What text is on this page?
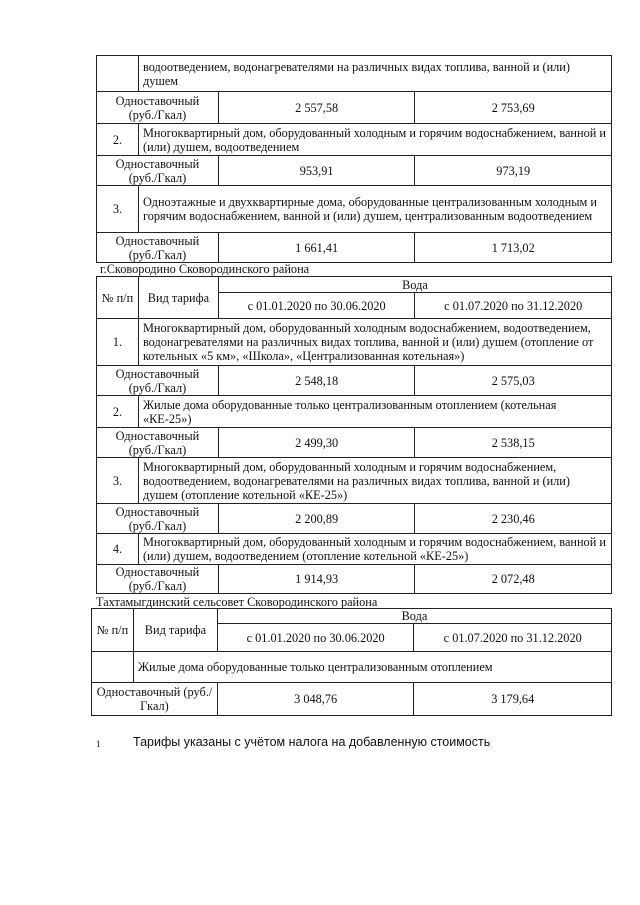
	водоотведением, водонагревателями на различных видах топлива, ванной и (или) душем		
Одноставочный (руб./Гкал)		2 557,58	2 753,69
2.	Многоквартирный дом, оборудованный холодным и горячим водоснабжением, ванной и (или) душем, водоотведением		
Одноставочный (руб./Гкал)		953,91	973,19
3.	Одноэтажные и двухквартирные дома, оборудованные централизованным холодным и горячим водоснабжением, ванной и (или) душем, централизованным водоотведением		
Одноставочный (руб./Гкал)		1 661,41	1 713,02
г.Сковородино Сковородинского района
№ п/п	Вид тарифа	Вода	
		с 01.01.2020 по 30.06.2020	с 01.07.2020 по 31.12.2020
1.	Многоквартирный дом, оборудованный холодным водоснабжением, водоотведением, водонагревателями на различных видах топлива, ванной и (или) душем (отопление от котельных «5 км», «Школа», «Централизованная котельная»)		
Одноставочный (руб./Гкал)		2 548,18	2 575,03
2.	Жилые дома оборудованные только централизованным отоплением (котельная «КЕ-25»)		
Одноставочный (руб./Гкал)		2 499,30	2 538,15
3.	Многоквартирный дом, оборудованный холодным и горячим водоснабжением, водоотведением, водонагревателями на различных видах топлива, ванной и (или) душем (отопление котельной «КЕ-25»)		
Одноставочный (руб./Гкал)		2 200,89	2 230,46
4.	Многоквартирный дом, оборудованный холодным и горячим водоснабжением, ванной и (или) душем, водоотведением (отопление котельной «КЕ-25»)		
Одноставочный (руб./Гкал)		1 914,93	2 072,48
Тахтамыгдинский сельсовет Сковородинского района
№ п/п	Вид тарифа	Вода	
		с 01.01.2020 по 30.06.2020	с 01.07.2020 по 31.12.2020
	Жилые дома оборудованные только централизованным отоплением		
Одноставочный (руб./Гкал)		3 048,76	3 179,64
1	Тарифы указаны с учётом налога на добавленную стоимость
